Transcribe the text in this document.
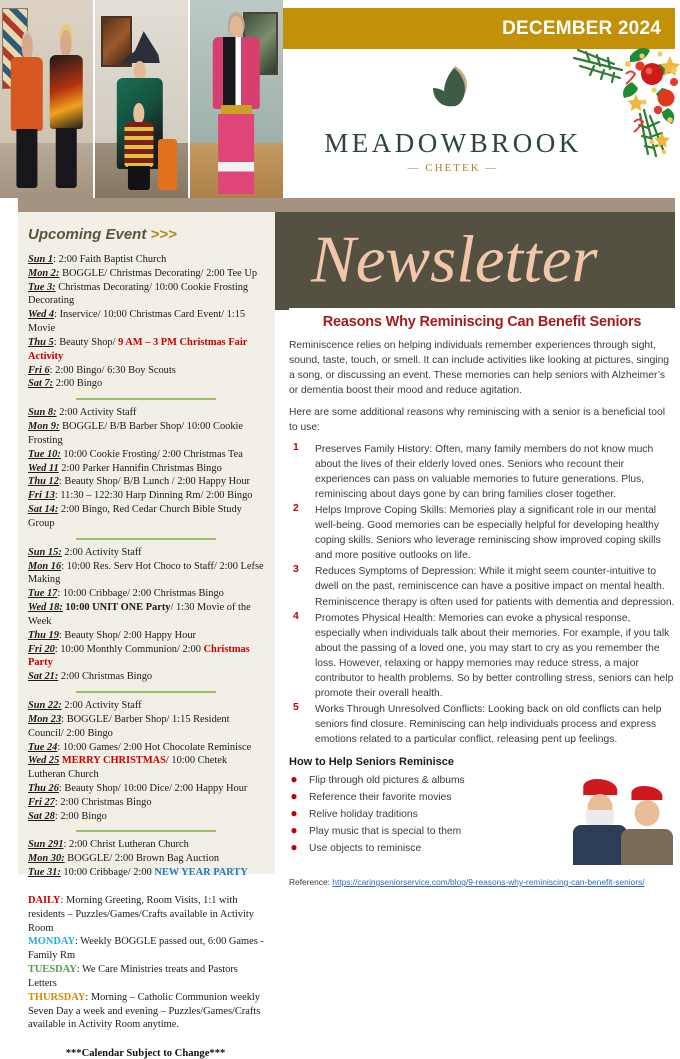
DECEMBER 2024
MEADOWBROOK
— CHETEK —
Newsletter
Upcoming Event >>>
Sun 1: 2:00 Faith Baptist Church
Mon 2: BOGGLE/ Christmas Decorating/ 2:00 Tee Up
Tue 3: Christmas Decorating/ 10:00 Cookie Frosting Decorating
Wed 4: Inservice/ 10:00 Christmas Card Event/ 1:15 Movie
Thu 5: Beauty Shop/ 9 AM – 3 PM Christmas Fair Activity
Fri 6: 2:00 Bingo/ 6:30 Boy Scouts
Sat 7: 2:00 Bingo
Sun 8: 2:00 Activity Staff
Mon 9: BOGGLE/ B/B Barber Shop/ 10:00 Cookie Frosting
Tue 10: 10:00 Cookie Frosting/ 2:00 Christmas Tea
Wed 11 2:00 Parker Hannifin Christmas Bingo
Thu 12: Beauty Shop/ B/B Lunch / 2:00 Happy Hour
Fri 13: 11:30 – 122:30 Harp Dinning Rm/ 2:00 Bingo
Sat 14: 2:00 Bingo, Red Cedar Church Bible Study Group
Sun 15: 2:00 Activity Staff
Mon 16: 10:00 Res. Serv Hot Choco to Staff/ 2:00 Lefse Making
Tue 17: 10:00 Cribbage/ 2:00 Christmas Bingo
Wed 18: 10:00 UNIT ONE Party/ 1:30 Movie of the Week
Thu 19: Beauty Shop/ 2:00 Happy Hour
Fri 20: 10:00 Monthly Communion/ 2:00 Christmas Party
Sat 21: 2:00 Christmas Bingo
Sun 22: 2:00 Activity Staff
Mon 23: BOGGLE/ Barber Shop/ 1:15 Resident Council/ 2:00 Bingo
Tue 24: 10:00 Games/ 2:00 Hot Chocolate Reminisce
Wed 25 MERRY CHRISTMAS/ 10:00 Chetek Lutheran Church
Thu 26: Beauty Shop/ 10:00 Dice/ 2:00 Happy Hour
Fri 27: 2:00 Christmas Bingo
Sat 28: 2:00 Bingo
Sun 291: 2:00 Christ Lutheran Church
Mon 30: BOGGLE/ 2:00 Brown Bag Auction
Tue 31: 10:00 Cribbage/ 2:00 NEW YEAR PARTY
DAILY: Morning Greeting, Room Visits, 1:1 with residents – Puzzles/Games/Crafts available in Activity Room
MONDAY: Weekly BOGGLE passed out, 6:00 Games - Family Rm
TUESDAY: We Care Ministries treats and Pastors Letters
THURSDAY: Morning – Catholic Communion weekly
Seven Day a week and evening – Puzzles/Games/Crafts available in Activity Room anytime.
***Calendar Subject to Change***
Reasons Why Reminiscing Can Benefit Seniors
Reminiscence relies on helping individuals remember experiences through sight, sound, taste, touch, or smell. It can include activities like looking at pictures, singing a song, or discussing an event. These memories can help seniors with Alzheimer’s or dementia boost their mood and reduce agitation.
Here are some additional reasons why reminiscing with a senior is a beneficial tool to use:
1	Preserves Family History: Often, many family members do not know much about the lives of their elderly loved ones. Seniors who recount their experiences can pass on valuable memories to future generations. Plus, reminiscing about days gone by can bring families closer together.
2	Helps Improve Coping Skills: Memories play a significant role in our mental well-being. Good memories can be especially helpful for developing healthy coping skills. Seniors who leverage reminiscing show improved coping skills and more positive outlooks on life.
3	Reduces Symptoms of Depression: While it might seem counter-intuitive to dwell on the past, reminiscence can have a positive impact on mental health. Reminiscence therapy is often used for patients with dementia and depression.
4	Promotes Physical Health: Memories can evoke a physical response, especially when individuals talk about their memories. For example, if you talk about the passing of a loved one, you may start to cry as you remember the loss. However, relaxing or happy memories may reduce stress, a major contributor to health problems. So by better controlling stress, seniors can help promote their overall health.
5	Works Through Unresolved Conflicts: Looking back on old conflicts can help seniors find closure. Reminiscing can help individuals process and express emotions related to a particular conflict, releasing pent up feelings.
How to Help Seniors Reminisce
● Flip through old pictures & albums
● Reference their favorite movies
● Relive holiday traditions
● Play music that is special to them
● Use objects to reminisce
Reference: https://caringseniorservice.com/blog/9-reasons-why-reminiscing-can-benefit-seniors/
